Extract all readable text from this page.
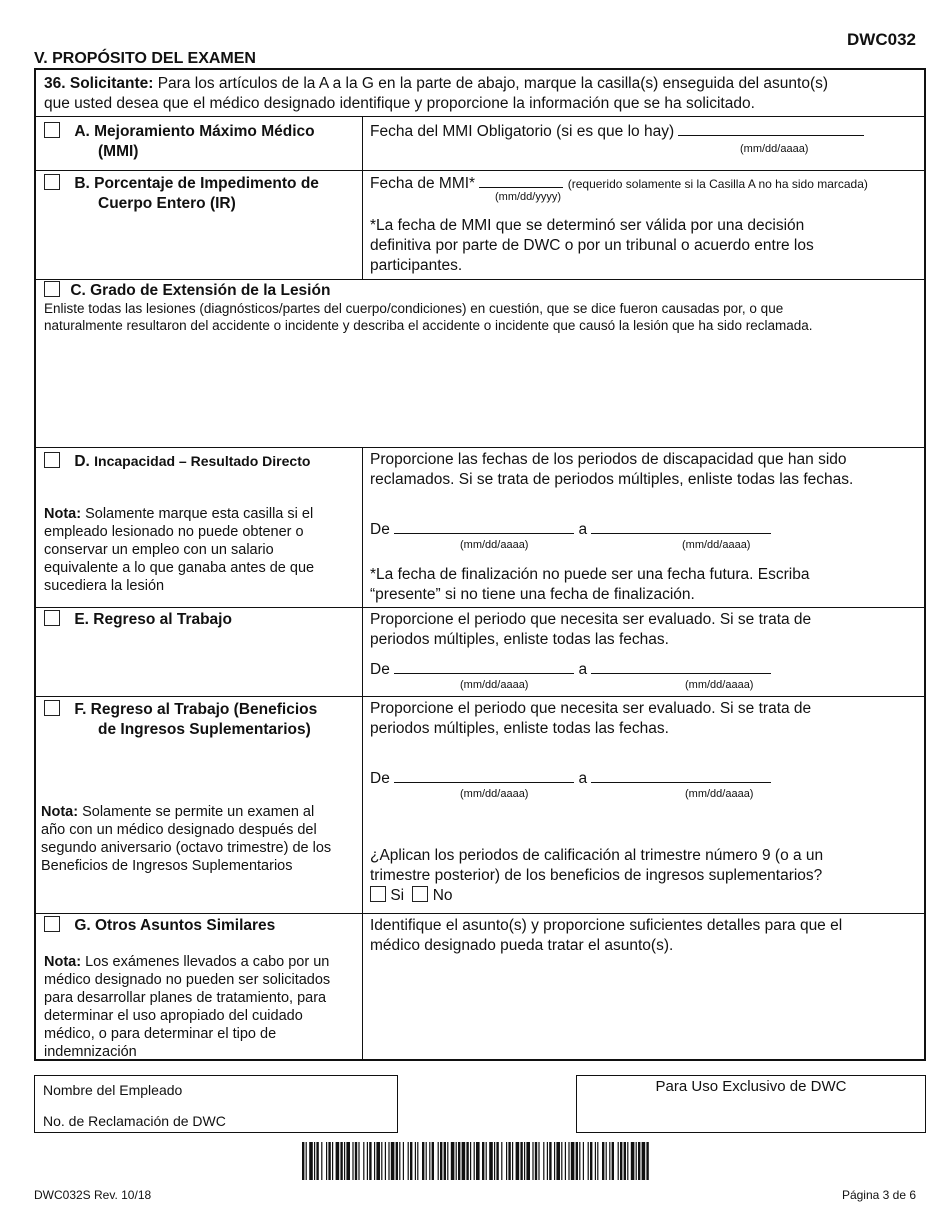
DWC032
V. PROPÓSITO DEL EXAMEN
36. Solicitante: Para los artículos de la A a la G en la parte de abajo, marque la casilla(s) enseguida del asunto(s)
que usted desea que el médico designado identifique y proporcione la información que se ha solicitado.
A. Mejoramiento Máximo Médico
(MMI)
Fecha del MMI Obligatorio (si es que lo hay)
(mm/dd/aaaa)
B. Porcentaje de Impedimento de
Cuerpo Entero (IR)
Fecha de MMI*	(requerido solamente si la Casilla A no ha sido marcada)
(mm/dd/yyyy)
*La fecha de MMI que se determinó ser válida por una decisión
definitiva por parte de DWC o por un tribunal o acuerdo entre los
participantes.
C. Grado de Extensión de la Lesión
Enliste todas las lesiones (diagnósticos/partes del cuerpo/condiciones) en cuestión, que se dice fueron causadas por, o que
naturalmente resultaron del accidente o incidente y describa el accidente o incidente que causó la lesión que ha sido reclamada.
D. Incapacidad – Resultado Directo
Nota: Solamente marque esta casilla si el
empleado lesionado no puede obtener o
conservar un empleo con un salario
equivalente a lo que ganaba antes de que
sucediera la lesión
Proporcione las fechas de los periodos de discapacidad que han sido
reclamados. Si se trata de periodos múltiples, enliste todas las fechas.
De	a
(mm/dd/aaaa)	(mm/dd/aaaa)
*La fecha de finalización no puede ser una fecha futura. Escriba
“presente” si no tiene una fecha de finalización.
E. Regreso al Trabajo	Proporcione el periodo que necesita ser evaluado. Si se trata de
periodos múltiples, enliste todas las fechas.
De	a
(mm/dd/aaaa)	(mm/dd/aaaa)
F. Regreso al Trabajo (Beneficios
de Ingresos Suplementarios)
Nota: Solamente se permite un examen al
año con un médico designado después del
segundo aniversario (octavo trimestre) de los
Beneficios de Ingresos Suplementarios
Proporcione el periodo que necesita ser evaluado. Si se trata de
periodos múltiples, enliste todas las fechas.
De	a
(mm/dd/aaaa)	(mm/dd/aaaa)
¿Aplican los periodos de calificación al trimestre número 9 (o a un
trimestre posterior) de los beneficios de ingresos suplementarios?
Si No
G. Otros Asuntos Similares
Nota: Los exámenes llevados a cabo por un
médico designado no pueden ser solicitados
para desarrollar planes de tratamiento, para
determinar el uso apropiado del cuidado
médico, o para determinar el tipo de
indemnización
Identifique el asunto(s) y proporcione suficientes detalles para que el
médico designado pueda tratar el asunto(s).
Nombre del Empleado
No. de Reclamación de DWC
Para Uso Exclusivo de DWC
DWC032S Rev. 10/18	Página 3 de 6
